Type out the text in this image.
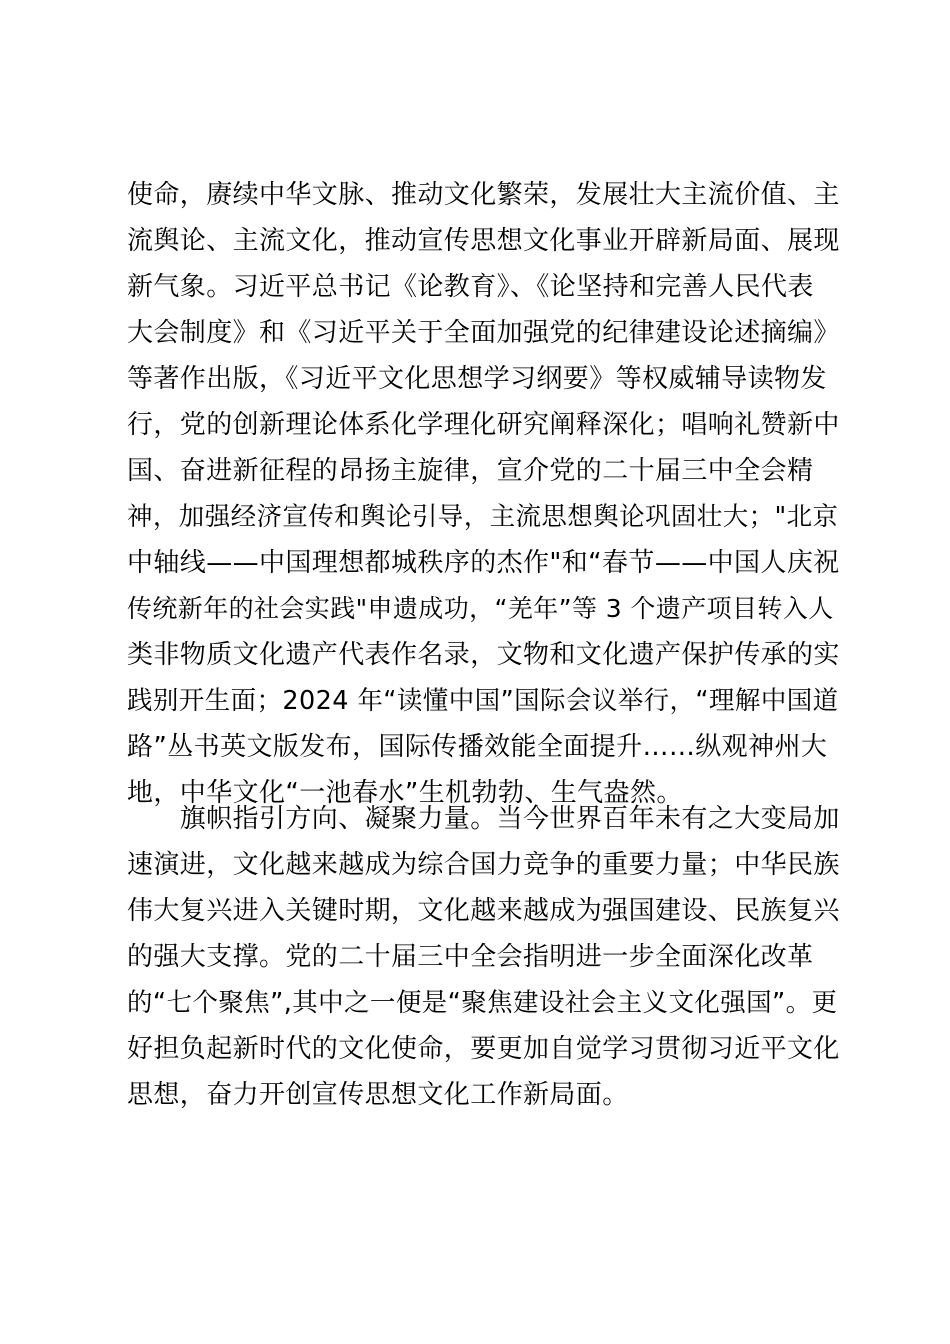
使命，赓续中华文脉、推动文化繁荣，发展壮大主流价值、主

流舆论、主流文化，推动宣传思想文化事业开辟新局面、展现

新气象。习近平总书记《论教育》、《论坚持和完善人民代表

大会制度》和《习近平关于全面加强党的纪律建设论述摘编》

等著作出版，《习近平文化思想学习纲要》等权威辅导读物发

行，党的创新理论体系化学理化研究阐释深化；唱响礼赞新中

国、奋进新征程的昂扬主旋律，宣介党的二十届三中全会精

神，加强经济宣传和舆论引导，主流思想舆论巩固壮大；"北京

中轴线——中国理想都城秩序的杰作"和“春节——中国人庆祝

传统新年的社会实践"申遗成功，“羌年”等 3 个遗产项目转入人

类非物质文化遗产代表作名录，文物和文化遗产保护传承的实

践别开生面；2024 年“读懂中国”国际会议举行，“理解中国道

路”丛书英文版发布，国际传播效能全面提升……纵观神州大

地，中华文化“一池春水”生机勃勃、生气盎然。

　　旗帜指引方向、凝聚力量。当今世界百年未有之大变局加

速演进，文化越来越成为综合国力竞争的重要力量；中华民族

伟大复兴进入关键时期，文化越来越成为强国建设、民族复兴

的强大支撑。党的二十届三中全会指明进一步全面深化改革

的“七个聚焦”,其中之一便是“聚焦建设社会主义文化强国”。更

好担负起新时代的文化使命，要更加自觉学习贯彻习近平文化

思想，奋力开创宣传思想文化工作新局面。
